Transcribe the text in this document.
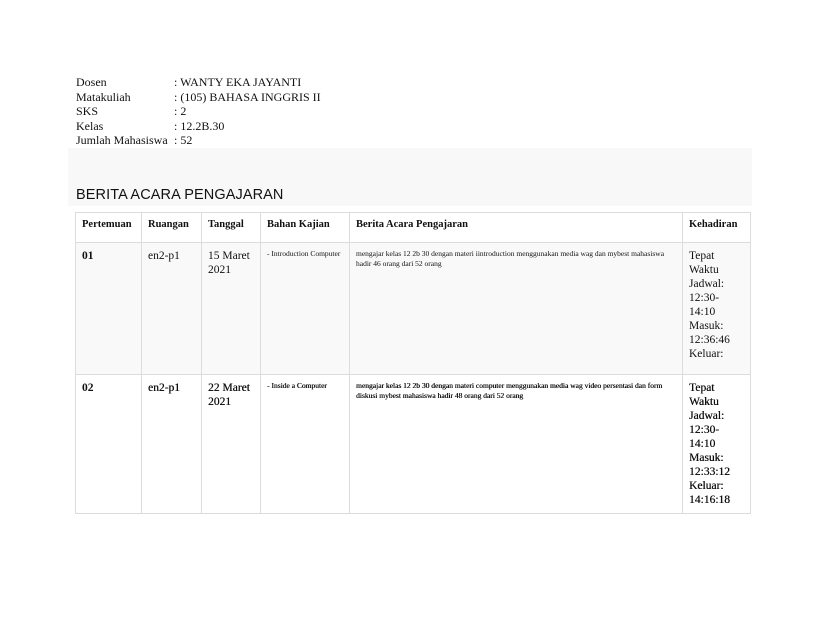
Dosen	: WANTY EKA JAYANTI
Matakuliah	: (105) BAHASA INGGRIS II
SKS	: 2
Kelas	: 12.2B.30
Jumlah Mahasiswa : 52
BERITA ACARA PENGAJARAN
Pertemuan	Ruangan	Tanggal	Bahan Kajian	Berita Acara Pengajaran	Kehadiran
01	en2-p1	15 Maret 2021	- Introduction Computer	mengajar kelas 12 2b 30 dengan materi iintroduction menggunakan media wag dan mybest mahasiswa hadir 46 orang dari 52 orang	Tepat Waktu
Jadwal: 12:30-14:10
Masuk: 12:36:46
Keluar:
02	en2-p1	22 Maret 2021	- Inside a Computer	mengajar kelas 12 2b 30 dengan materi computer menggunakan media wag video persentasi dan form diskusi mybest mahasiswa hadir 48 orang dari 52 orang	Tepat Waktu
Jadwal: 12:30-14:10
Masuk: 12:33:12
Keluar: 14:16:18
